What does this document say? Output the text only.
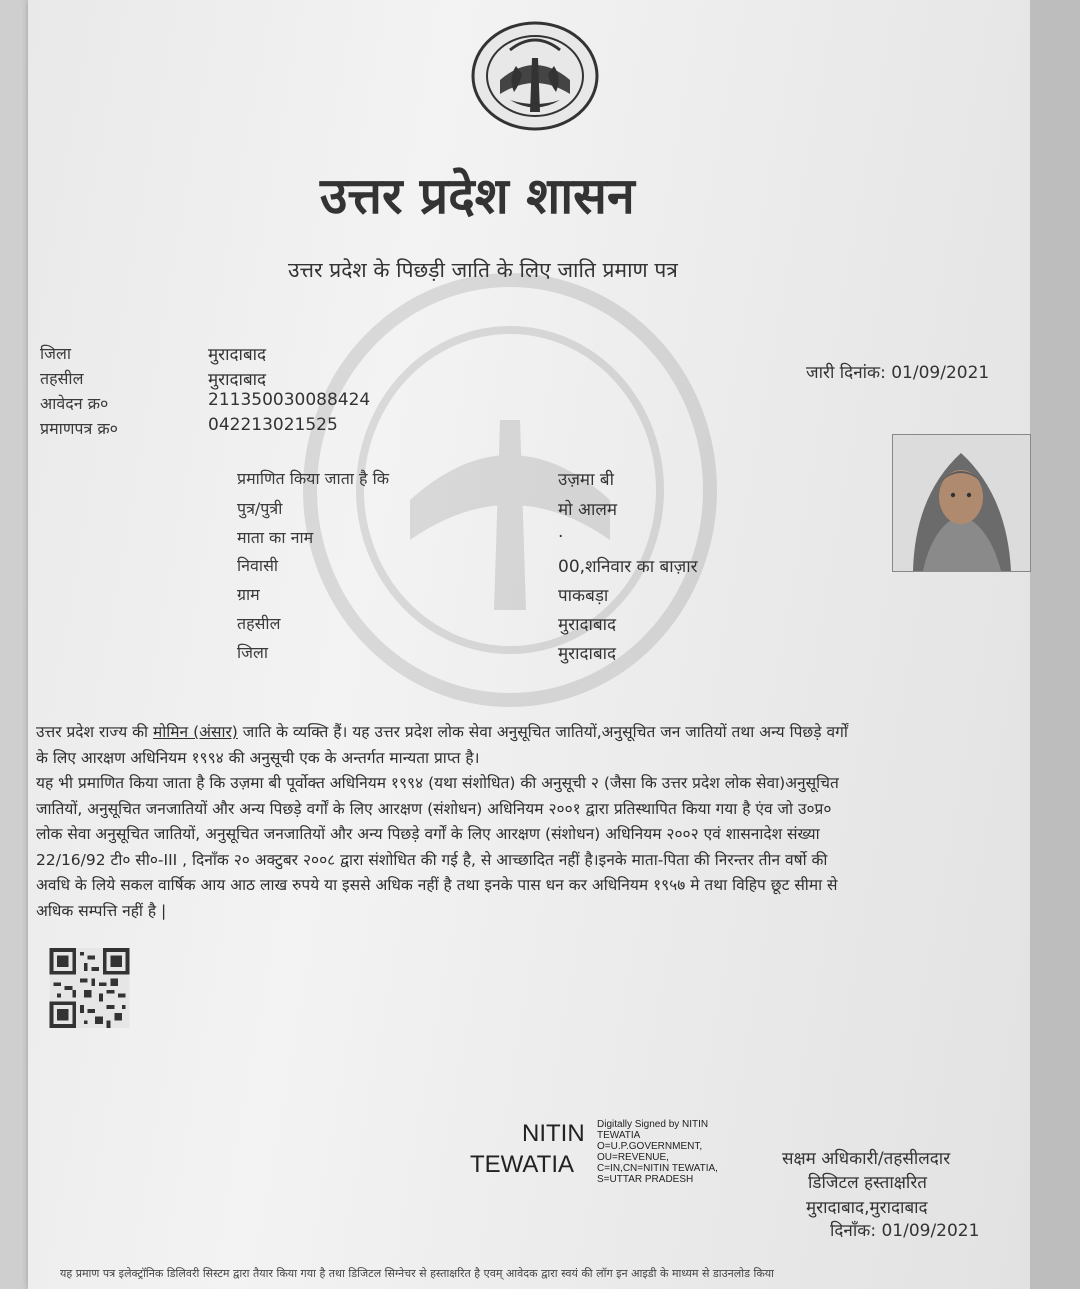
उत्तर प्रदेश शासन
उत्तर प्रदेश के पिछड़ी जाति के लिए जाति प्रमाण पत्र
जिला	मुरादाबाद
तहसील	मुरादाबाद
आवेदन क्र०	211350030088424
प्रमाणपत्र क्र०	042213021525
जारी दिनांक: 01/09/2021
प्रमाणित किया जाता है कि	उज़मा बी
पुत्र/पुत्री	मो आलम
माता का नाम	.
निवासी	00,शनिवार का बाज़ार
ग्राम	पाकबड़ा
तहसील	मुरादाबाद
जिला	मुरादाबाद
उत्तर प्रदेश राज्य की मोमिन (अंसार) जाति के व्यक्ति हैं। यह उत्तर प्रदेश लोक सेवा अनुसूचित जातियों,अनुसूचित जन जातियों तथा अन्य पिछड़े वर्गों
के लिए आरक्षण अधिनियम १९९४ की अनुसूची एक के अन्तर्गत मान्यता प्राप्त है।
यह भी प्रमाणित किया जाता है कि उज़मा बी पूर्वोक्त अधिनियम १९९४ (यथा संशोधित) की अनुसूची २ (जैसा कि उत्तर प्रदेश लोक सेवा)अनुसूचित
जातियों, अनुसूचित जनजातियों और अन्य पिछड़े वर्गों के लिए आरक्षण (संशोधन) अधिनियम २००१ द्वारा प्रतिस्थापित किया गया है एंव जो उ०प्र०
लोक सेवा अनुसूचित जातियों, अनुसूचित जनजातियों और अन्य पिछड़े वर्गों के लिए आरक्षण (संशोधन) अधिनियम २००२ एवं शासनादेश संख्या
22/16/92 टी० सी०-III , दिनाँक २० अक्टुबर २००८ द्वारा संशोधित की गई है, से आच्छादित नहीं है।इनके माता-पिता की निरन्तर तीन वर्षो की
अवधि के लिये सकल वार्षिक आय आठ लाख रुपये या इससे अधिक नहीं है तथा इनके पास धन कर अधिनियम १९५७ मे तथा विहिप छूट सीमा से
अधिक सम्पत्ति नहीं है |
NITIN
TEWATIA
Digitally Signed by NITIN
TEWATIA
O=U.P.GOVERNMENT,
OU=REVENUE,
C=IN,CN=NITIN TEWATIA,
S=UTTAR PRADESH
सक्षम अधिकारी/तहसीलदार
डिजिटल हस्ताक्षरित
मुरादाबाद,मुरादाबाद
दिनाँक: 01/09/2021
यह प्रमाण पत्र इलेक्ट्रॉनिक डिलिवरी सिस्टम द्वारा तैयार किया गया है तथा डिजिटल सिग्नेचर से हस्ताक्षरित है एवम् आवेदक द्वारा स्वयं की लॉग इन आइडी के माध्यम से डाउनलोड किया
